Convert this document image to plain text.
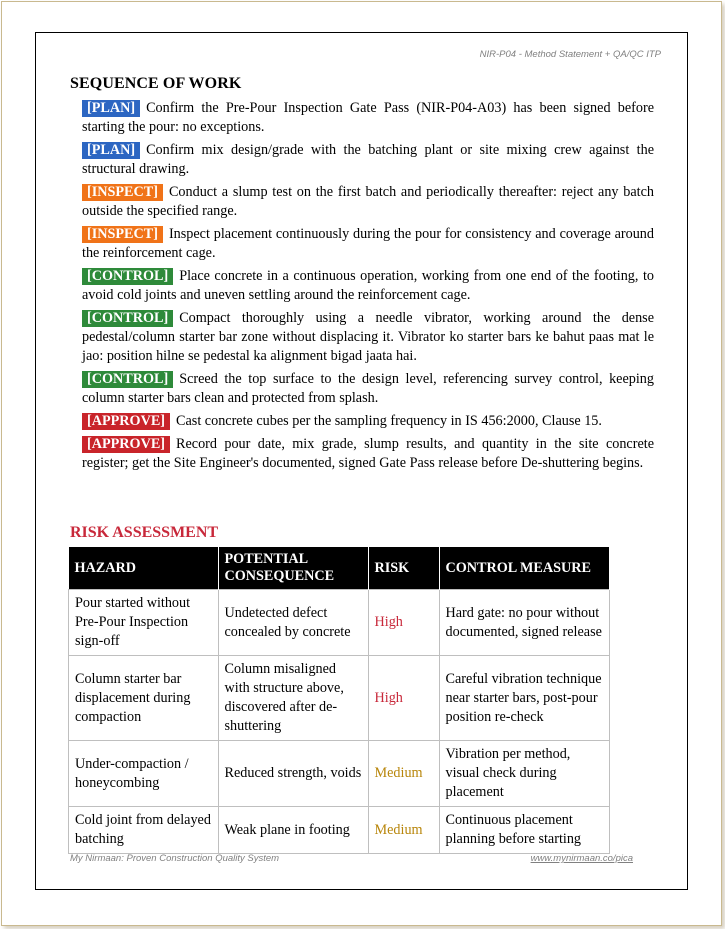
NIR-P04 - Method Statement + QA/QC ITP
SEQUENCE OF WORK
[PLAN] Confirm the Pre-Pour Inspection Gate Pass (NIR-P04-A03) has been signed before starting the pour: no exceptions.
[PLAN] Confirm mix design/grade with the batching plant or site mixing crew against the structural drawing.
[INSPECT] Conduct a slump test on the first batch and periodically thereafter: reject any batch outside the specified range.
[INSPECT] Inspect placement continuously during the pour for consistency and coverage around the reinforcement cage.
[CONTROL] Place concrete in a continuous operation, working from one end of the footing, to avoid cold joints and uneven settling around the reinforcement cage.
[CONTROL] Compact thoroughly using a needle vibrator, working around the dense pedestal/column starter bar zone without displacing it. Vibrator ko starter bars ke bahut paas mat le jao: position hilne se pedestal ka alignment bigad jaata hai.
[CONTROL] Screed the top surface to the design level, referencing survey control, keeping column starter bars clean and protected from splash.
[APPROVE] Cast concrete cubes per the sampling frequency in IS 456:2000, Clause 15.
[APPROVE] Record pour date, mix grade, slump results, and quantity in the site concrete register; get the Site Engineer's documented, signed Gate Pass release before De-shuttering begins.
RISK ASSESSMENT
HAZARD	POTENTIAL CONSEQUENCE	RISK	CONTROL MEASURE
Pour started without Pre-Pour Inspection sign-off	Undetected defect concealed by concrete	High	Hard gate: no pour without documented, signed release
Column starter bar displacement during compaction	Column misaligned with structure above, discovered after de-shuttering	High	Careful vibration technique near starter bars, post-pour position re-check
Under-compaction / honeycombing	Reduced strength, voids	Medium	Vibration per method, visual check during placement
Cold joint from delayed batching	Weak plane in footing	Medium	Continuous placement planning before starting
My Nirmaan: Proven Construction Quality System	www.mynirmaan.co/pica
